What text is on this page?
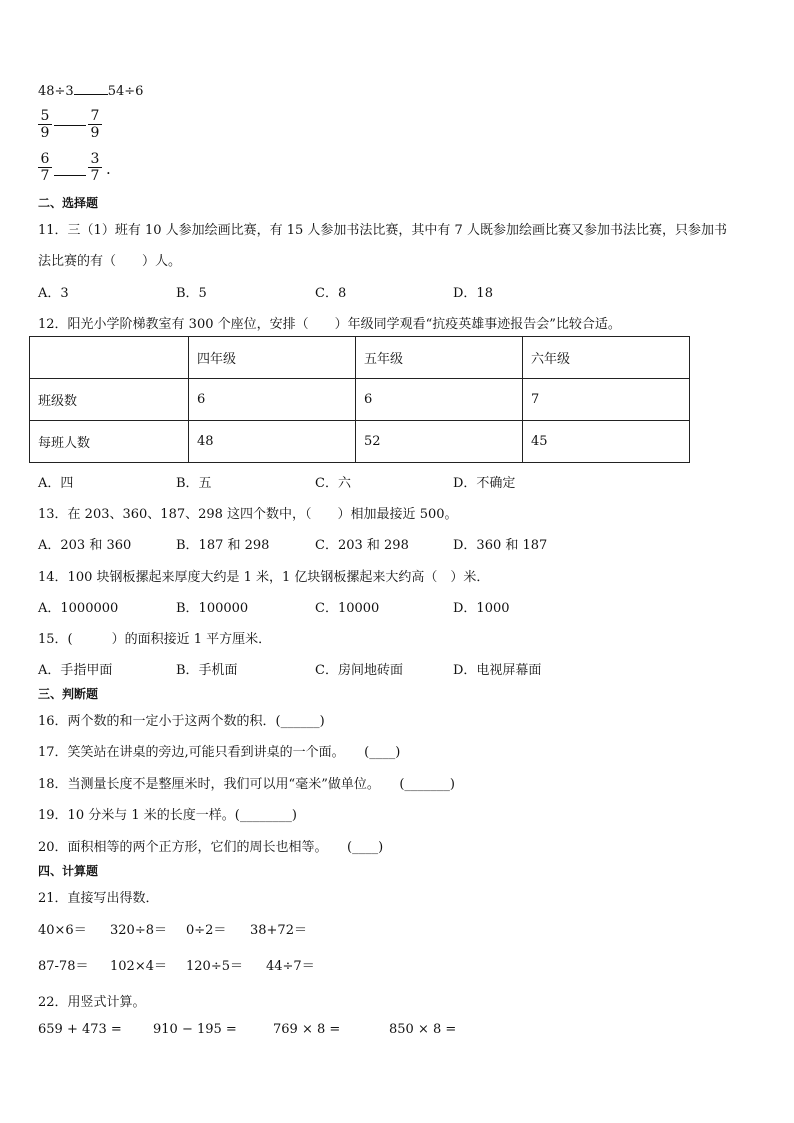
48÷3	54÷6
$\frac{5}{9}$	$\frac{7}{9}$
$\frac{6}{7}$	$\frac{3}{7}$ .
二、选择题
11．三（1）班有 10 人参加绘画比赛，有 15 人参加书法比赛，其中有 7 人既参加绘画比赛又参加书法比赛，只参加书
法比赛的有（　　）人。
A．3	B．5	C．8	D．18
12．阳光小学阶梯教室有 300 个座位，安排（　　）年级同学观看“抗疫英雄事迹报告会”比较合适。
	四年级	五年级	六年级
班级数	6	6	7
每班人数	48	52	45
A．四	B．五	C．六	D．不确定
13．在 203、360、187、298 这四个数中，（　　）相加最接近 500。
A．203 和 360	B．187 和 298	C．203 和 298	D．360 和 187
14．100 块钢板摞起来厚度大约是 1 米，1 亿块钢板摞起来大约高（　）米．
A．1000000	B．100000	C．10000	D．1000
15．(　　　）的面积接近 1 平方厘米．
A．手指甲面	B．手机面	C．房间地砖面	D．电视屏幕面
三、判断题
16．两个数的和一定小于这两个数的积．(______)
17．笑笑站在讲桌的旁边,可能只看到讲桌的一个面。　　(____)
18．当测量长度不是整厘米时，我们可以用“毫米”做单位。　　(_______)
19．10 分米与 1 米的长度一样。(________)
20．面积相等的两个正方形，它们的周长也相等。　　(____)
四、计算题
21．直接写出得数．
40×6＝ 320÷8＝ 0÷2＝ 38+72＝
87-78＝ 102×4＝ 120÷5＝ 44÷7＝
22．用竖式计算。
659 + 473 = 910 − 195 =	769 × 8 =	850 × 8 =
